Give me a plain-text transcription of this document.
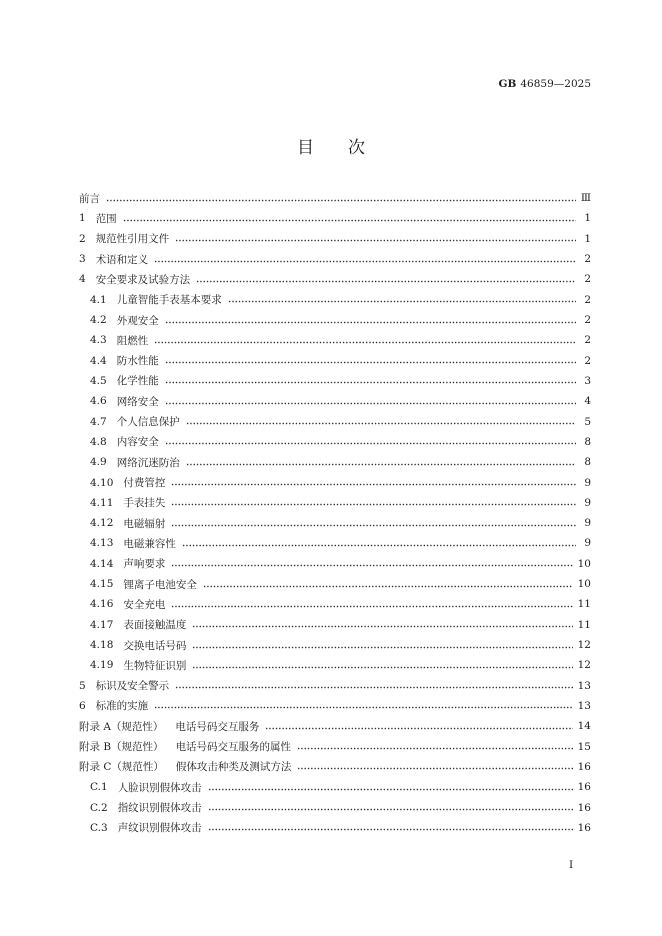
GB 46859—2025
目　　次
前言	Ⅲ
1 范围	1
2 规范性引用文件	1
3 术语和定义	2
4 安全要求及试验方法	2
4.1 儿童智能手表基本要求	2
4.2 外观安全	2
4.3 阻燃性	2
4.4 防水性能	2
4.5 化学性能	3
4.6 网络安全	4
4.7 个人信息保护	5
4.8 内容安全	8
4.9 网络沉迷防治	8
4.10 付费管控	9
4.11 手表挂失	9
4.12 电磁辐射	9
4.13 电磁兼容性	9
4.14 声响要求	10
4.15 锂离子电池安全	10
4.16 安全充电	11
4.17 表面接触温度	11
4.18 交换电话号码	12
4.19 生物特征识别	12
5 标识及安全警示	13
6 标准的实施	13
附录 A（规范性） 电话号码交互服务	14
附录 B（规范性） 电话号码交互服务的属性	15
附录 C（规范性） 假体攻击种类及测试方法	16
C.1 人脸识别假体攻击	16
C.2 指纹识别假体攻击	16
C.3 声纹识别假体攻击	16
I
